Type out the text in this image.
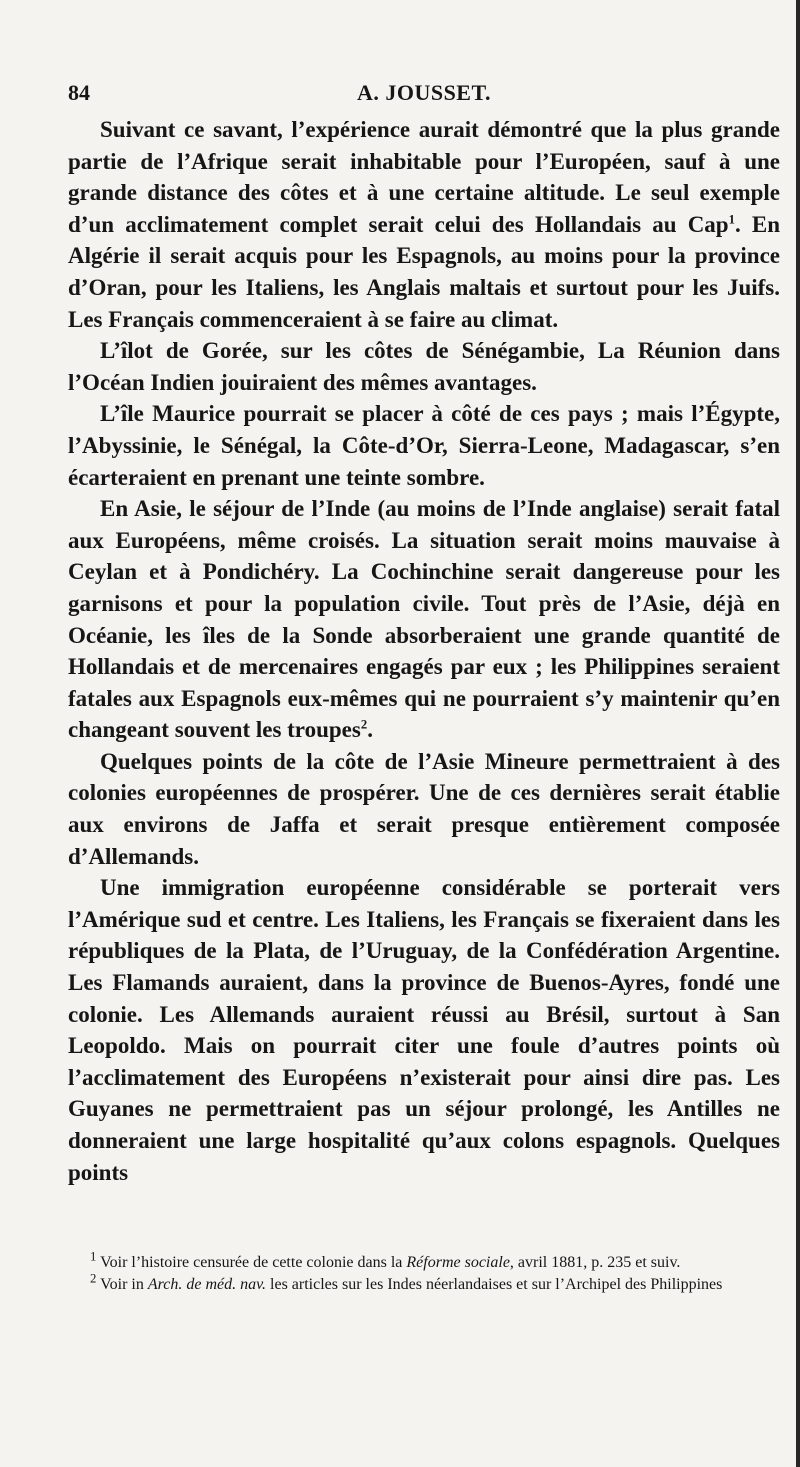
84	A. JOUSSET.

Suivant ce savant, l’expérience aurait démontré que la plus grande partie de l’Afrique serait inhabitable pour l’Européen, sauf à une grande distance des côtes et à une certaine altitude. Le seul exemple d’un acclimatement complet serait celui des Hollandais au Cap$^1$. En Algérie il serait acquis pour les Espagnols, au moins pour la province d’Oran, pour les Italiens, les Anglais maltais et surtout pour les Juifs. Les Français commenceraient à se faire au climat.

L’îlot de Gorée, sur les côtes de Sénégambie, La Réunion dans l’Océan Indien jouiraient des mêmes avantages.

L’île Maurice pourrait se placer à côté de ces pays ; mais l’Égypte, l’Abyssinie, le Sénégal, la Côte-d’Or, Sierra-Leone, Madagascar, s’en écarteraient en prenant une teinte sombre.

En Asie, le séjour de l’Inde (au moins de l’Inde anglaise) serait fatal aux Européens, même croisés. La situation serait moins mauvaise à Ceylan et à Pondichéry. La Cochinchine serait dangereuse pour les garnisons et pour la population civile. Tout près de l’Asie, déjà en Océanie, les îles de la Sonde absorberaient une grande quantité de Hollandais et de mercenaires engagés par eux ; les Philippines seraient fatales aux Espagnols eux-mêmes qui ne pourraient s’y maintenir qu’en changeant souvent les troupes$^2$.

Quelques points de la côte de l’Asie Mineure permettraient à des colonies européennes de prospérer. Une de ces dernières serait établie aux environs de Jaffa et serait presque entièrement composée d’Allemands.

Une immigration européenne considérable se porterait vers l’Amérique sud et centre. Les Italiens, les Français se fixeraient dans les républiques de la Plata, de l’Uruguay, de la Confédération Argentine. Les Flamands auraient, dans la province de Buenos-Ayres, fondé une colonie. Les Allemands auraient réussi au Brésil, surtout à San Leopoldo. Mais on pourrait citer une foule d’autres points où l’acclimatement des Européens n’existerait pour ainsi dire pas. Les Guyanes ne permettraient pas un séjour prolongé, les Antilles ne donneraient une large hospitalité qu’aux colons espagnols. Quelques points

$^1$ Voir l’histoire censurée de cette colonie dans la Réforme sociale, avril 1881, p. 235 et suiv.

$^2$ Voir in Arch. de méd. nav. les articles sur les Indes néerlandaises et sur l’Archipel des Philippines
